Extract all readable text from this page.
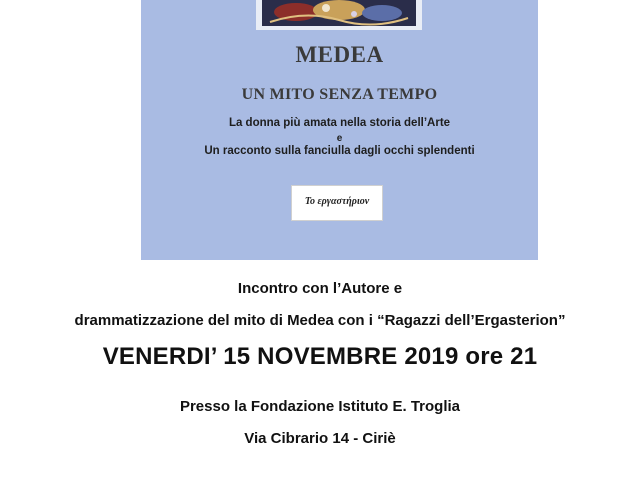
MEDEA
UN MITO SENZA TEMPO

La donna più amata nella storia dell’Arte

e

Un racconto sulla fanciulla dagli occhi splendenti

Το εργαστήριον

Incontro con l’Autore e

drammatizzazione del mito di Medea con i “Ragazzi dell’Ergasterion”

VENERDI’ 15 NOVEMBRE 2019 ore 21

Presso la Fondazione Istituto E. Troglia

Via Cibrario 14 - Ciriè
